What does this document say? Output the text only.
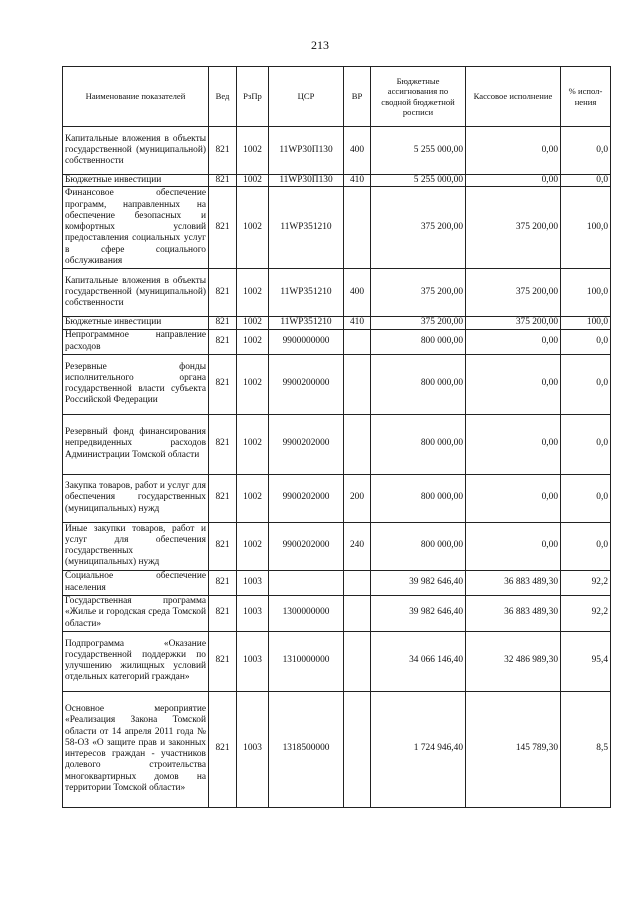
213
Наименование показателей	Вед	РзПр	ЦСР	ВР	Бюджетные ассигнования по сводной бюджетной росписи	Кассовое исполнение	% испол-нения
Капитальные вложения в объекты государственной (муниципальной) собственности	821	1002	11WP30П130	400	5 255 000,00	0,00	0,0
Бюджетные инвестиции	821	1002	11WP30П130	410	5 255 000,00	0,00	0,0
Финансовое обеспечение программ, направленных на обеспечение безопасных и комфортных условий предоставления социальных услуг в сфере социального обслуживания	821	1002	11WP351210		375 200,00	375 200,00	100,0
Капитальные вложения в объекты государственной (муниципальной) собственности	821	1002	11WP351210	400	375 200,00	375 200,00	100,0
Бюджетные инвестиции	821	1002	11WP351210	410	375 200,00	375 200,00	100,0
Непрограммное направление расходов	821	1002	9900000000		800 000,00	0,00	0,0
Резервные фонды исполнительного органа государственной власти субъекта Российской Федерации	821	1002	9900200000		800 000,00	0,00	0,0
Резервный фонд финансирования непредвиденных расходов Администрации Томской области	821	1002	9900202000		800 000,00	0,00	0,0
Закупка товаров, работ и услуг для обеспечения государственных (муниципальных) нужд	821	1002	9900202000	200	800 000,00	0,00	0,0
Иные закупки товаров, работ и услуг для обеспечения государственных (муниципальных) нужд	821	1002	9900202000	240	800 000,00	0,00	0,0
Социальное обеспечение населения	821	1003			39 982 646,40	36 883 489,30	92,2
Государственная программа «Жилье и городская среда Томской области»	821	1003	1300000000		39 982 646,40	36 883 489,30	92,2
Подпрограмма «Оказание государственной поддержки по улучшению жилищных условий отдельных категорий граждан»	821	1003	1310000000		34 066 146,40	32 486 989,30	95,4
Основное мероприятие «Реализация Закона Томской области от 14 апреля 2011 года № 58-ОЗ «О защите прав и законных интересов граждан - участников долевого строительства многоквартирных домов на территории Томской области»	821	1003	1318500000		1 724 946,40	145 789,30	8,5
